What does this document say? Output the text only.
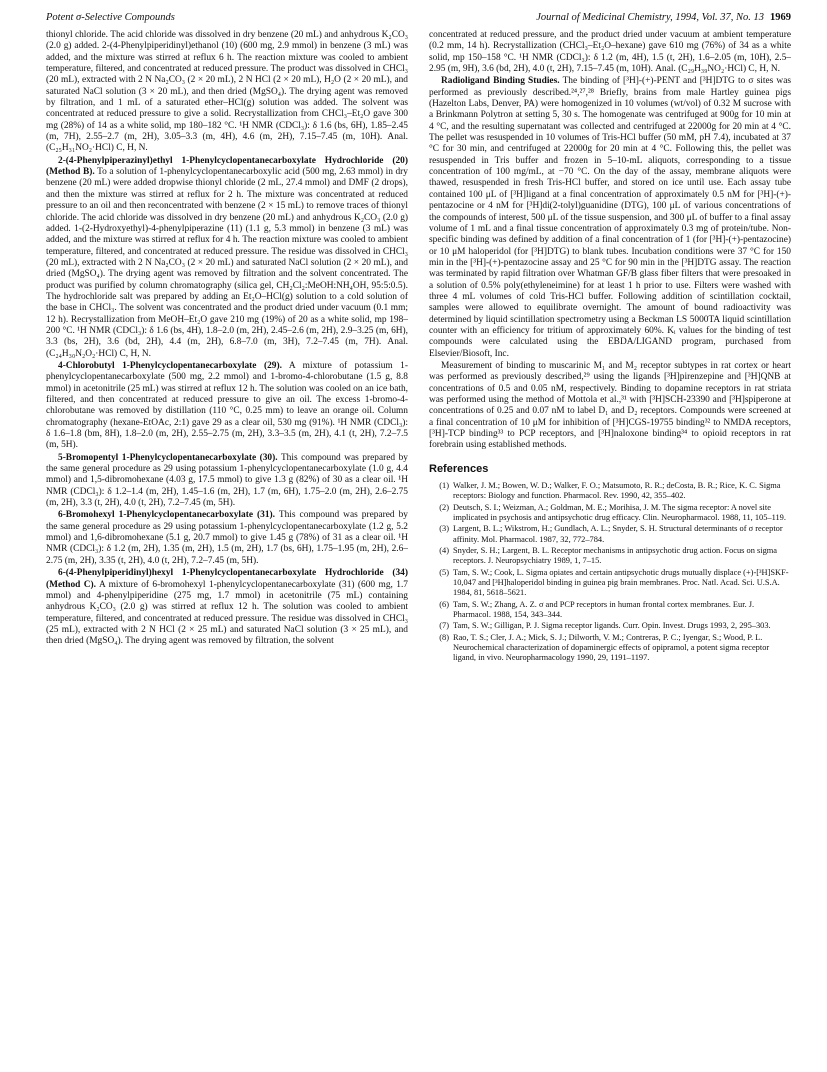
Potent σ-Selective Compounds	Journal of Medicinal Chemistry, 1994, Vol. 37, No. 13 1969

thionyl chloride. The acid chloride was dissolved in dry benzene (20 mL) and anhydrous K₂CO₃ (2.0 g) added. 2-(4-Phenylpiperidinyl)ethanol (10) (600 mg, 2.9 mmol) in benzene (3 mL) was added, and the mixture was stirred at reflux 6 h. The reaction mixture was cooled to ambient temperature, filtered, and concentrated at reduced pressure. The product was dissolved in CHCl₃ (20 mL), extracted with 2 N Na₂CO₃ (2 × 20 mL), 2 N HCl (2 × 20 mL), H₂O (2 × 20 mL), and saturated NaCl solution (3 × 20 mL), and then dried (MgSO₄). The drying agent was removed by filtration, and 1 mL of a saturated ether–HCl(g) solution was added. The solvent was concentrated at reduced pressure to give a solid. Recrystallization from CHCl₃–Et₂O gave 300 mg (28%) of 14 as a white solid, mp 180–182 °C. ¹H NMR (CDCl₃): δ 1.6 (bs, 6H), 1.85–2.45 (m, 7H), 2.55–2.7 (m, 2H), 3.05–3.3 (m, 4H), 4.6 (m, 2H), 7.15–7.45 (m, 10H). Anal. (C₂₅H₃₁NO₂·HCl) C, H, N.

2-(4-Phenylpiperazinyl)ethyl 1-Phenylcyclopentanecarboxylate Hydrochloride (20) (Method B). To a solution of 1-phenylcyclopentanecarboxylic acid (500 mg, 2.63 mmol) in dry benzene (20 mL) were added dropwise thionyl chloride (2 mL, 27.4 mmol) and DMF (2 drops), and then the mixture was stirred at reflux for 2 h. The mixture was concentrated at reduced pressure to an oil and then reconcentrated with benzene (2 × 15 mL) to remove traces of thionyl chloride. The acid chloride was dissolved in dry benzene (20 mL) and anhydrous K₂CO₃ (2.0 g) added. 1-(2-Hydroxyethyl)-4-phenylpiperazine (11) (1.1 g, 5.3 mmol) in benzene (3 mL) was added, and the mixture was stirred at reflux for 4 h. The reaction mixture was cooled to ambient temperature, filtered, and concentrated at reduced pressure. The residue was dissolved in CHCl₃ (20 mL), extracted with 2 N Na₂CO₃ (2 × 20 mL) and saturated NaCl solution (2 × 20 mL), and dried (MgSO₄). The drying agent was removed by filtration and the solvent concentrated. The product was purified by column chromatography (silica gel, CH₂Cl₂:MeOH:NH₄OH, 95:5:0.5). The hydrochloride salt was prepared by adding an Et₂O–HCl(g) solution to a cold solution of the base in CHCl₃. The solvent was concentrated and the product dried under vacuum (0.1 mm; 12 h). Recrystallization from MeOH–Et₂O gave 210 mg (19%) of 20 as a white solid, mp 198–200 °C. ¹H NMR (CDCl₃): δ 1.6 (bs, 4H), 1.8–2.0 (m, 2H), 2.45–2.6 (m, 2H), 2.9–3.25 (m, 6H), 3.3 (bs, 2H), 3.6 (bd, 2H), 4.4 (m, 2H), 6.8–7.0 (m, 3H), 7.2–7.45 (m, 7H). Anal. (C₂₄H₃₀N₂O₂·HCl) C, H, N.

4-Chlorobutyl 1-Phenylcyclopentanecarboxylate (29). A mixture of potassium 1-phenylcyclopentanecarboxylate (500 mg, 2.2 mmol) and 1-bromo-4-chlorobutane (1.5 g, 8.8 mmol) in acetonitrile (25 mL) was stirred at reflux 12 h. The solution was cooled on an ice bath, filtered, and then concentrated at reduced pressure to give an oil. The excess 1-bromo-4-chlorobutane was removed by distillation (110 °C, 0.25 mm) to leave an orange oil. Column chromatography (hexane-EtOAc, 2:1) gave 29 as a clear oil, 530 mg (91%). ¹H NMR (CDCl₃): δ 1.6–1.8 (bm, 8H), 1.8–2.0 (m, 2H), 2.55–2.75 (m, 2H), 3.3–3.5 (m, 2H), 4.1 (t, 2H), 7.2–7.5 (m, 5H).

5-Bromopentyl 1-Phenylcyclopentanecarboxylate (30). This compound was prepared by the same general procedure as 29 using potassium 1-phenylcyclopentanecarboxylate (1.0 g, 4.4 mmol) and 1,5-dibromohexane (4.03 g, 17.5 mmol) to give 1.3 g (82%) of 30 as a clear oil. ¹H NMR (CDCl₃): δ 1.2–1.4 (m, 2H), 1.45–1.6 (m, 2H), 1.7 (m, 6H), 1.75–2.0 (m, 2H), 2.6–2.75 (m, 2H), 3.3 (t, 2H), 4.0 (t, 2H), 7.2–7.45 (m, 5H).

6-Bromohexyl 1-Phenylcyclopentanecarboxylate (31). This compound was prepared by the same general procedure as 29 using potassium 1-phenylcyclopentanecarboxylate (1.2 g, 5.2 mmol) and 1,6-dibromohexane (5.1 g, 20.7 mmol) to give 1.45 g (78%) of 31 as a clear oil. ¹H NMR (CDCl₃): δ 1.2 (m, 2H), 1.35 (m, 2H), 1.5 (m, 2H), 1.7 (bs, 6H), 1.75–1.95 (m, 2H), 2.6–2.75 (m, 2H), 3.35 (t, 2H), 4.0 (t, 2H), 7.2–7.45 (m, 5H).

6-(4-Phenylpiperidinyl)hexyl 1-Phenylcyclopentanecarboxylate Hydrochloride (34) (Method C). A mixture of 6-bromohexyl 1-phenylcyclopentanecarboxylate (31) (600 mg, 1.7 mmol) and 4-phenylpiperidine (275 mg, 1.7 mmol) in acetonitrile (75 mL) containing anhydrous K₂CO₃ (2.0 g) was stirred at reflux 12 h. The solution was cooled to ambient temperature, filtered, and concentrated at reduced pressure. The residue was dissolved in CHCl₃ (25 mL), extracted with 2 N HCl (2 × 25 mL) and saturated NaCl solution (3 × 25 mL), and then dried (MgSO₄). The drying agent was removed by filtration, the solvent

concentrated at reduced pressure, and the product dried under vacuum at ambient temperature (0.2 mm, 14 h). Recrystallization (CHCl₃–Et₂O–hexane) gave 610 mg (76%) of 34 as a white solid, mp 150–158 °C. ¹H NMR (CDCl₃): δ 1.2 (m, 4H), 1.5 (t, 2H), 1.6–2.05 (m, 10H), 2.5–2.95 (m, 9H), 3.6 (bd, 2H), 4.0 (t, 2H), 7.15–7.45 (m, 10H). Anal. (C₂₉H₃₉NO₂·HCl) C, H, N.

Radioligand Binding Studies. The binding of [³H]-(+)-PENT and [³H]DTG to σ sites was performed as previously described.²⁴,²⁷,²⁸ Briefly, brains from male Hartley guinea pigs (Hazelton Labs, Denver, PA) were homogenized in 10 volumes (wt/vol) of 0.32 M sucrose with a Brinkmann Polytron at setting 5, 30 s. The homogenate was centrifuged at 900g for 10 min at 4 °C, and the resulting supernatant was collected and centrifuged at 22000g for 20 min at 4 °C. The pellet was resuspended in 10 volumes of Tris-HCl buffer (50 mM, pH 7.4), incubated at 37 °C for 30 min, and centrifuged at 22000g for 20 min at 4 °C. Following this, the pellet was resuspended in Tris buffer and frozen in 5–10-mL aliquots, corresponding to a tissue concentration of 100 mg/mL, at −70 °C. On the day of the assay, membrane aliquots were thawed, resuspended in fresh Tris-HCl buffer, and stored on ice until use. Each assay tube contained 100 μL of [³H]ligand at a final concentration of approximately 0.5 nM for [³H]-(+)-pentazocine or 4 nM for [³H]di(2-tolyl)guanidine (DTG), 100 μL of various concentrations of the compounds of interest, 500 μL of the tissue suspension, and 300 μL of buffer to a final assay volume of 1 mL and a final tissue concentration of approximately 0.3 mg of protein/tube. Non-specific binding was defined by addition of a final concentration of 1 (for [³H]-(+)-pentazocine) or 10 μM haloperidol (for [³H]DTG) to blank tubes. Incubation conditions were 37 °C for 150 min in the [³H]-(+)-pentazocine assay and 25 °C for 90 min in the [³H]DTG assay. The reaction was terminated by rapid filtration over Whatman GF/B glass fiber filters that were presoaked in a solution of 0.5% poly(ethyleneimine) for at least 1 h prior to use. Filters were washed with three 4 mL volumes of cold Tris-HCl buffer. Following addition of scintillation cocktail, samples were allowed to equilibrate overnight. The amount of bound radioactivity was determined by liquid scintillation spectrometry using a Beckman LS 5000TA liquid scintillation counter with an efficiency for tritium of approximately 60%. Kᵢ values for the binding of test compounds were calculated using the EBDA/LIGAND program, purchased from Elsevier/Biosoft, Inc.

Measurement of binding to muscarinic M₁ and M₂ receptor subtypes in rat cortex or heart was performed as previously described,²⁹ using the ligands [³H]pirenzepine and [³H]QNB at concentrations of 0.5 and 0.05 nM, respectively. Binding to dopamine receptors in rat striata was performed using the method of Mottola et al.,³¹ with [³H]SCH-23390 and [³H]spiperone at concentrations of 0.25 and 0.07 nM to label D₁ and D₂ receptors. Compounds were screened at a final concentration of 10 μM for inhibition of [³H]CGS-19755 binding³² to NMDA receptors, [³H]-TCP binding³³ to PCP receptors, and [³H]naloxone binding³⁴ to opioid receptors in rat forebrain using established methods.

References
(1) Walker, J. M.; Bowen, W. D.; Walker, F. O.; Matsumoto, R. R.; deCosta, B. R.; Rice, K. C. Sigma receptors: Biology and function. Pharmacol. Rev. 1990, 42, 355–402.
(2) Deutsch, S. I.; Weizman, A.; Goldman, M. E.; Morihisa, J. M. The sigma receptor: A novel site implicated in psychosis and antipsychotic drug efficacy. Clin. Neuropharmacol. 1988, 11, 105–119.
(3) Largent, B. L.; Wikstrom, H.; Gundlach, A. L.; Snyder, S. H. Structural determinants of σ receptor affinity. Mol. Pharmacol. 1987, 32, 772–784.
(4) Snyder, S. H.; Largent, B. L. Receptor mechanisms in antipsychotic drug action. Focus on sigma receptors. J. Neuropsychiatry 1989, 1, 7–15.
(5) Tam, S. W.; Cook, L. Sigma opiates and certain antipsychotic drugs mutually displace (+)-[³H]SKF-10,047 and [³H]haloperidol binding in guinea pig brain membranes. Proc. Natl. Acad. Sci. U.S.A. 1984, 81, 5618–5621.
(6) Tam, S. W.; Zhang, A. Z. σ and PCP receptors in human frontal cortex membranes. Eur. J. Pharmacol. 1988, 154, 343–344.
(7) Tam, S. W.; Gilligan, P. J. Sigma receptor ligands. Curr. Opin. Invest. Drugs 1993, 2, 295–303.
(8) Rao, T. S.; Cler, J. A.; Mick, S. J.; Dilworth, V. M.; Contreras, P. C.; Iyengar, S.; Wood, P. L. Neurochemical characterization of dopaminergic effects of opipramol, a potent sigma receptor ligand, in vivo. Neuropharmacology 1990, 29, 1191–1197.
